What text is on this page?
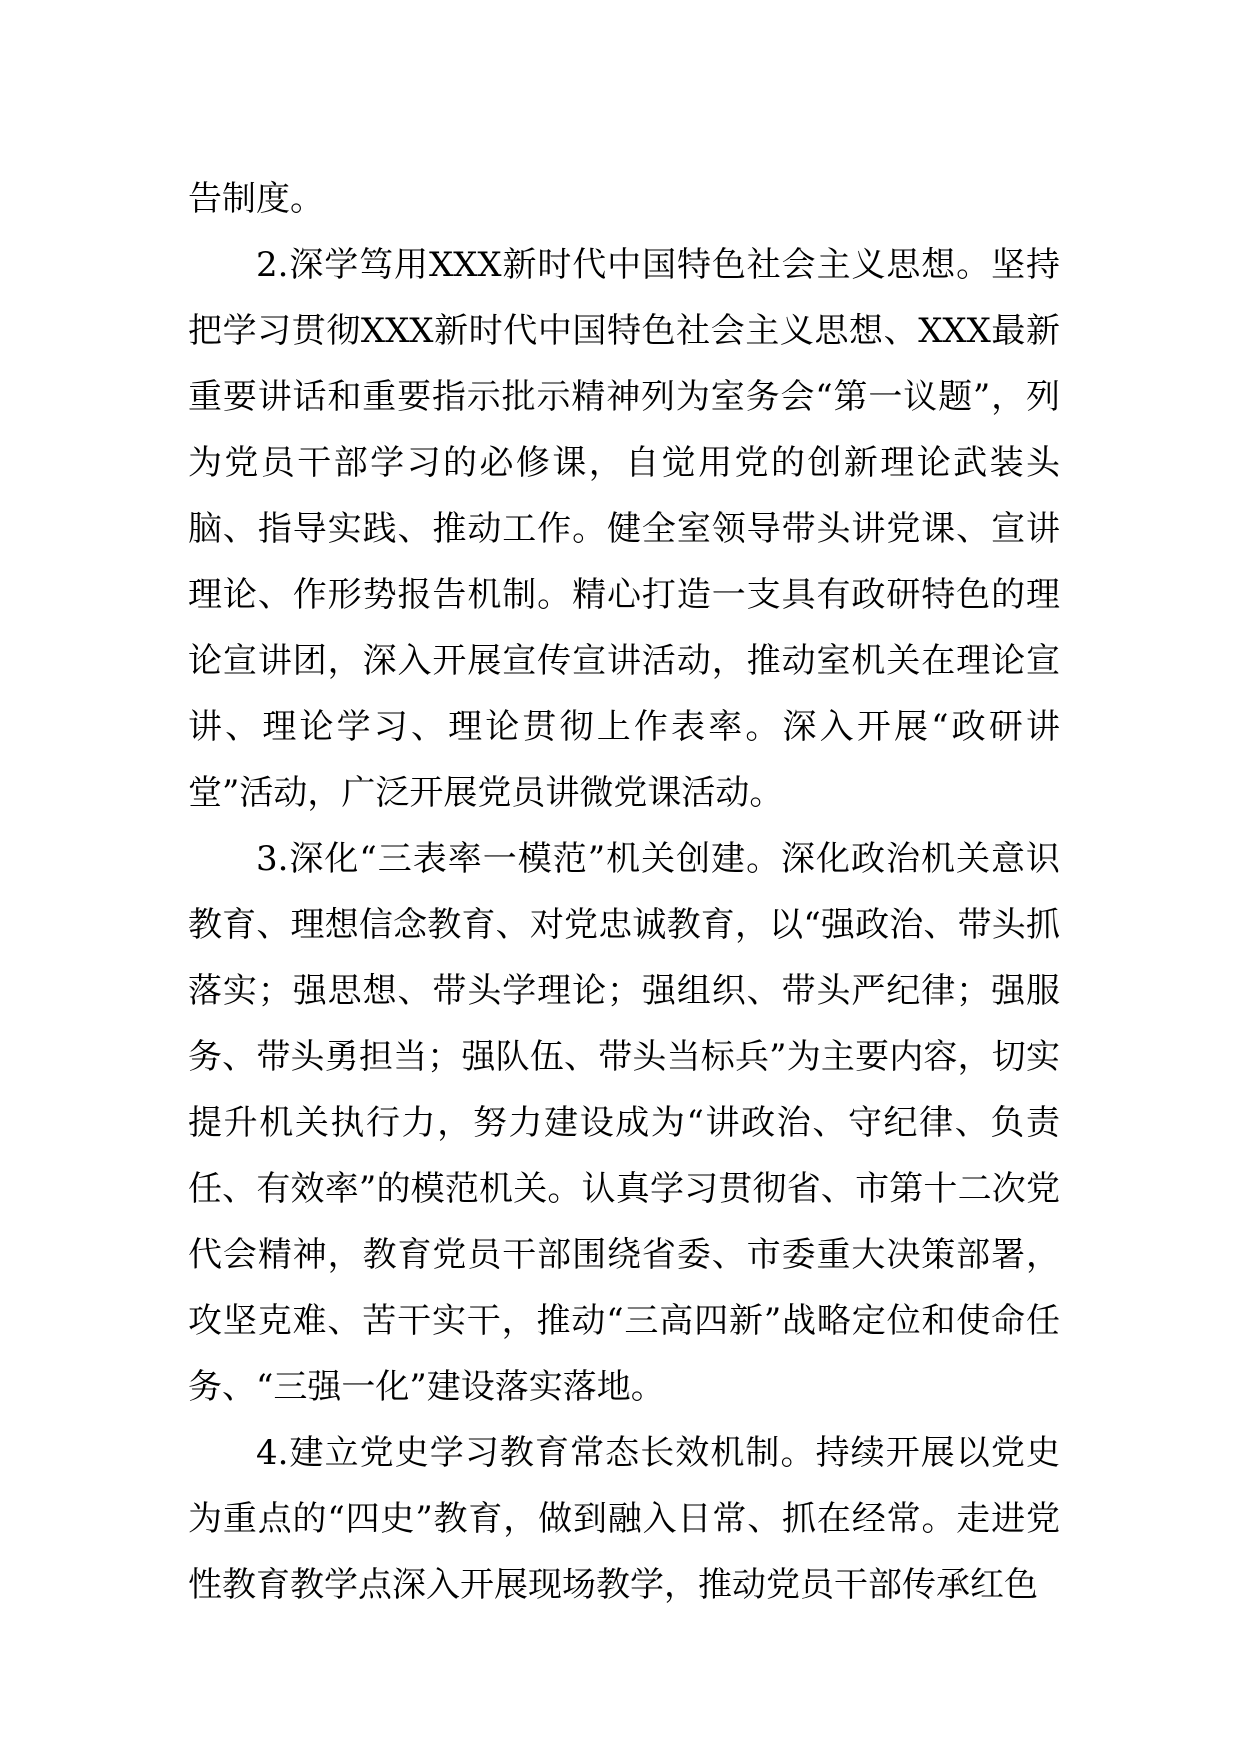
告制度。

2.深学笃用XXX新时代中国特色社会主义思想。坚持把学习贯彻XXX新时代中国特色社会主义思想、XXX最新重要讲话和重要指示批示精神列为室务会“第一议题”，列为党员干部学习的必修课，自觉用党的创新理论武装头脑、指导实践、推动工作。健全室领导带头讲党课、宣讲理论、作形势报告机制。精心打造一支具有政研特色的理论宣讲团，深入开展宣传宣讲活动，推动室机关在理论宣讲、理论学习、理论贯彻上作表率。深入开展“政研讲堂”活动，广泛开展党员讲微党课活动。

3.深化“三表率一模范”机关创建。深化政治机关意识教育、理想信念教育、对党忠诚教育，以“强政治、带头抓落实；强思想、带头学理论；强组织、带头严纪律；强服务、带头勇担当；强队伍、带头当标兵”为主要内容，切实提升机关执行力，努力建设成为“讲政治、守纪律、负责任、有效率”的模范机关。认真学习贯彻省、市第十二次党代会精神，教育党员干部围绕省委、市委重大决策部署，攻坚克难、苦干实干，推动“三高四新”战略定位和使命任务、“三强一化”建设落实落地。

4.建立党史学习教育常态长效机制。持续开展以党史为重点的“四史”教育，做到融入日常、抓在经常。走进党性教育教学点深入开展现场教学，推动党员干部传承红色
